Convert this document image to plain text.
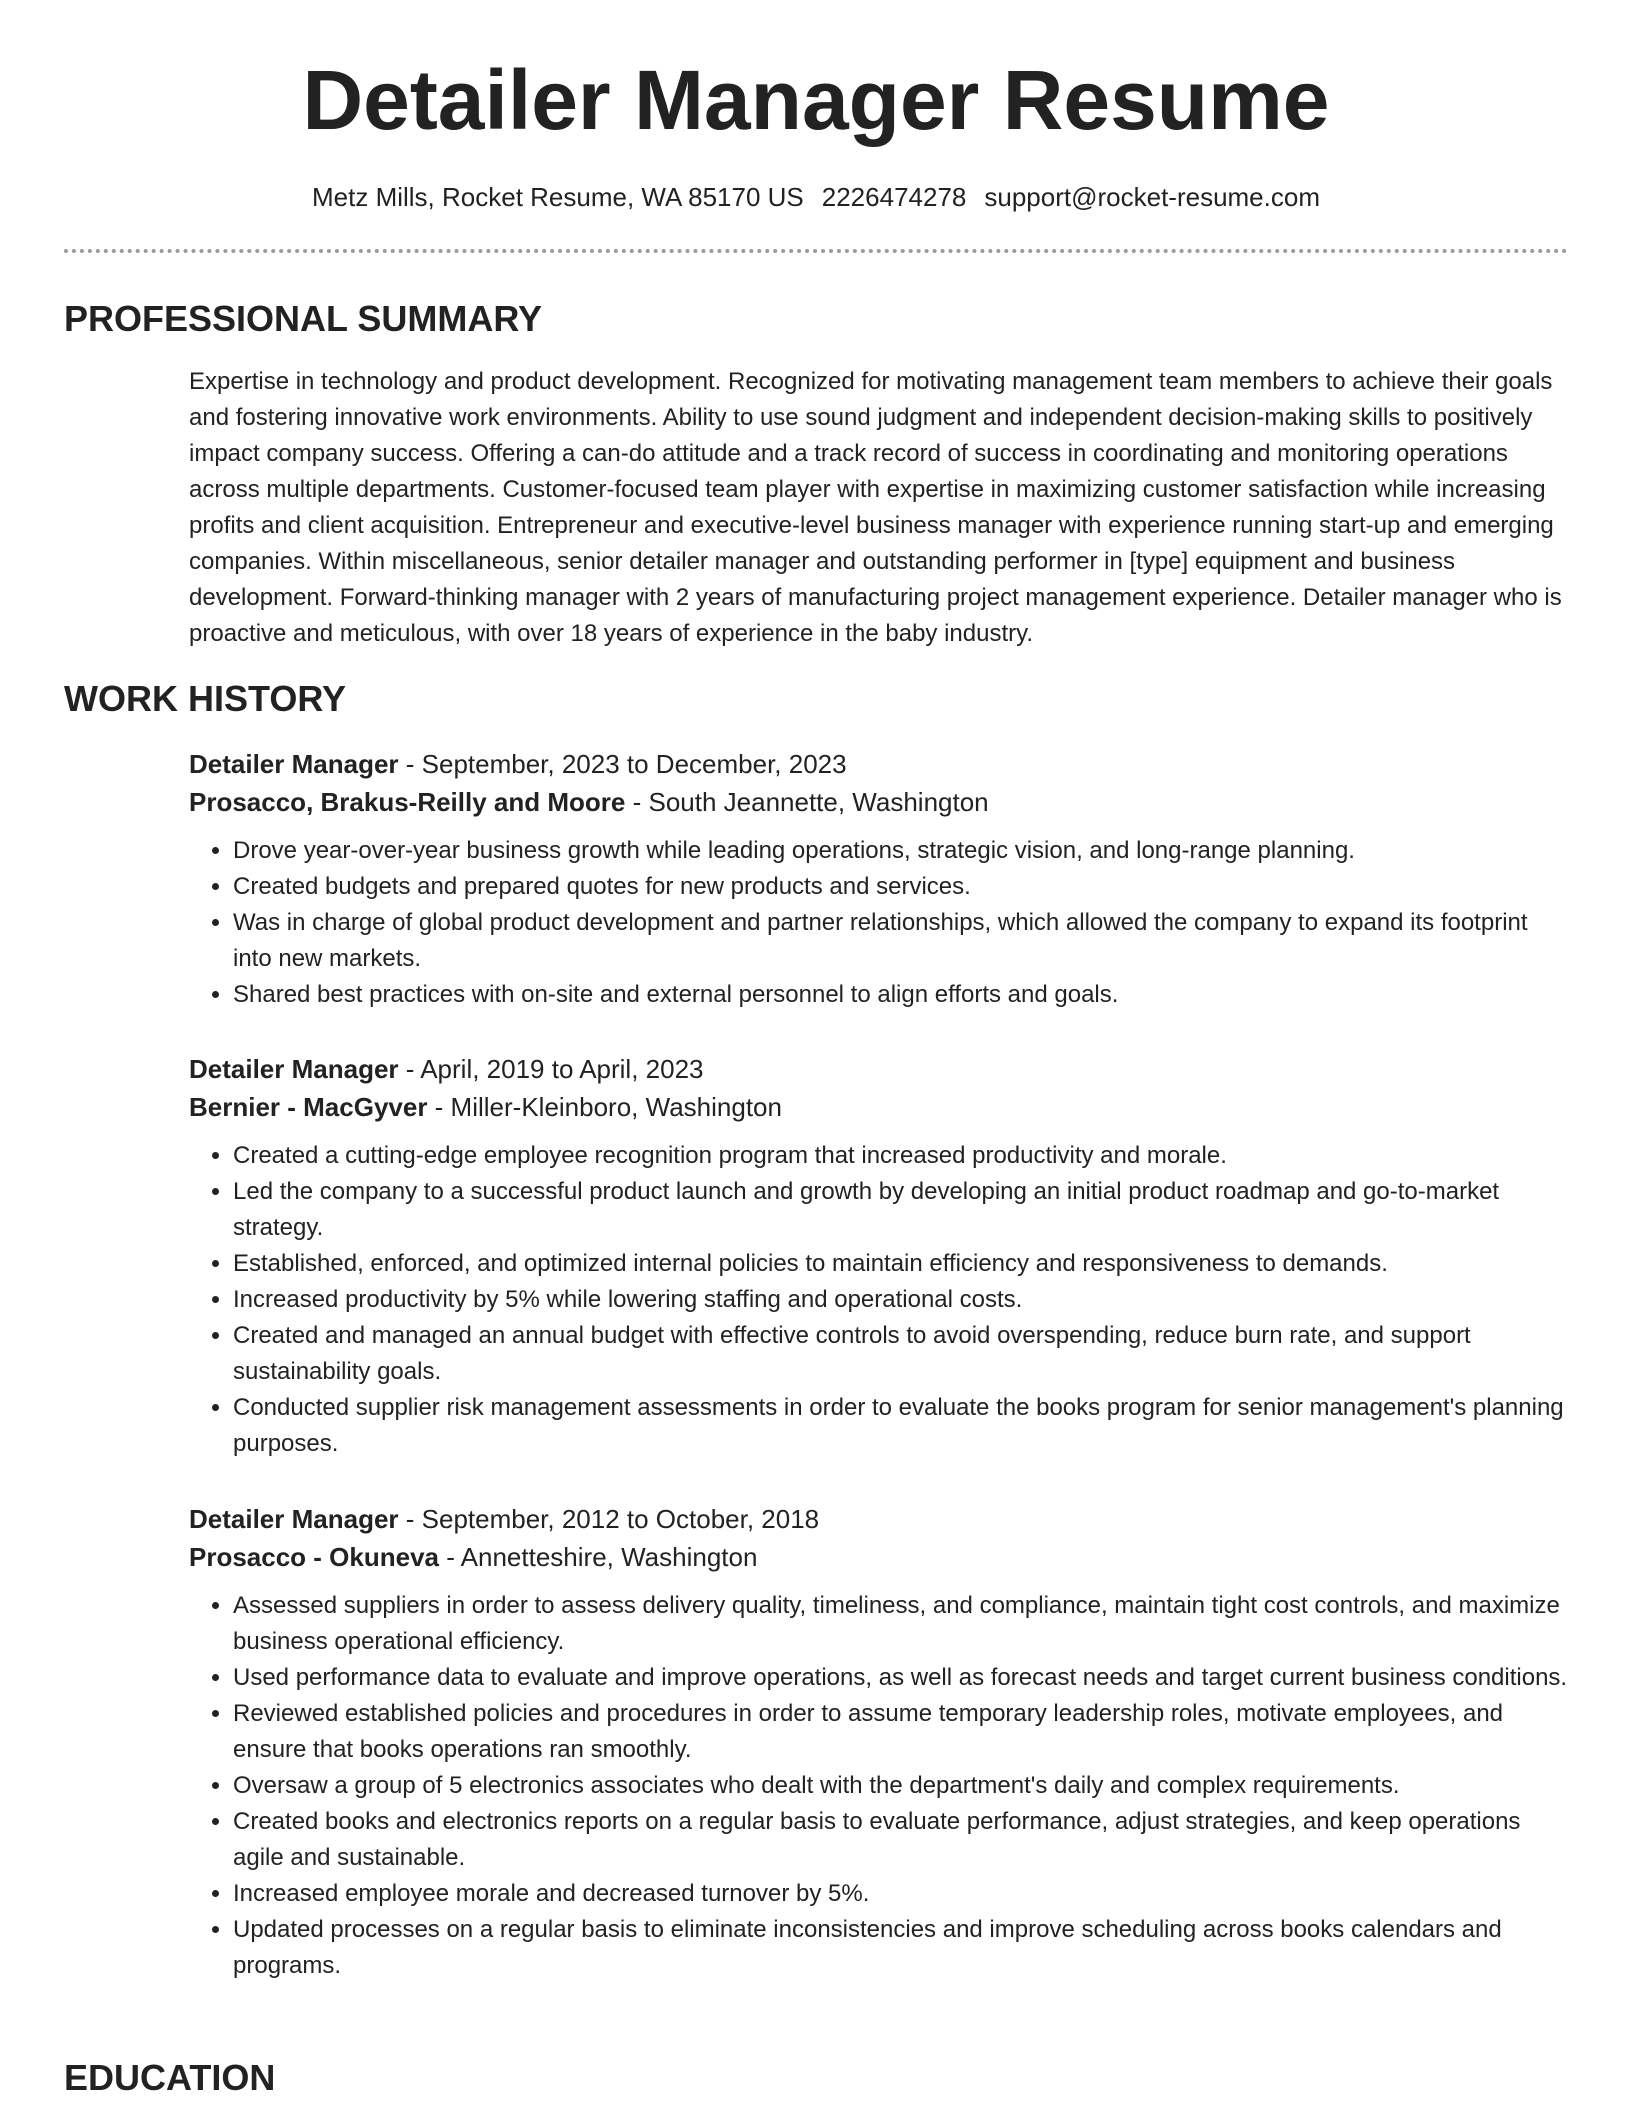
Detailer Manager Resume
Metz Mills, Rocket Resume, WA 85170 US 2226474278 support@rocket-resume.com
PROFESSIONAL SUMMARY

Expertise in technology and product development. Recognized for motivating management team members to achieve their goals and fostering innovative work environments. Ability to use sound judgment and independent decision-making skills to positively impact company success. Offering a can-do attitude and a track record of success in coordinating and monitoring operations across multiple departments. Customer-focused team player with expertise in maximizing customer satisfaction while increasing profits and client acquisition. Entrepreneur and executive-level business manager with experience running start-up and emerging companies. Within miscellaneous, senior detailer manager and outstanding performer in [type] equipment and business development. Forward-thinking manager with 2 years of manufacturing project management experience. Detailer manager who is proactive and meticulous, with over 18 years of experience in the baby industry.

WORK HISTORY
Detailer Manager - September, 2023 to December, 2023
Prosacco, Brakus-Reilly and Moore - South Jeannette, Washington
• Drove year-over-year business growth while leading operations, strategic vision, and long-range planning.
• Created budgets and prepared quotes for new products and services.
• Was in charge of global product development and partner relationships, which allowed the company to expand its footprint into new markets.
• Shared best practices with on-site and external personnel to align efforts and goals.
Detailer Manager - April, 2019 to April, 2023
Bernier - MacGyver - Miller-Kleinboro, Washington
• Created a cutting-edge employee recognition program that increased productivity and morale.
• Led the company to a successful product launch and growth by developing an initial product roadmap and go-to-market strategy.
• Established, enforced, and optimized internal policies to maintain efficiency and responsiveness to demands.
• Increased productivity by 5% while lowering staffing and operational costs.
• Created and managed an annual budget with effective controls to avoid overspending, reduce burn rate, and support sustainability goals.
• Conducted supplier risk management assessments in order to evaluate the books program for senior management's planning purposes.
Detailer Manager - September, 2012 to October, 2018
Prosacco - Okuneva - Annetteshire, Washington
• Assessed suppliers in order to assess delivery quality, timeliness, and compliance, maintain tight cost controls, and maximize business operational efficiency.
• Used performance data to evaluate and improve operations, as well as forecast needs and target current business conditions.
• Reviewed established policies and procedures in order to assume temporary leadership roles, motivate employees, and ensure that books operations ran smoothly.
• Oversaw a group of 5 electronics associates who dealt with the department's daily and complex requirements.
• Created books and electronics reports on a regular basis to evaluate performance, adjust strategies, and keep operations agile and sustainable.
• Increased employee morale and decreased turnover by 5%.
• Updated processes on a regular basis to eliminate inconsistencies and improve scheduling across books calendars and programs.
EDUCATION
